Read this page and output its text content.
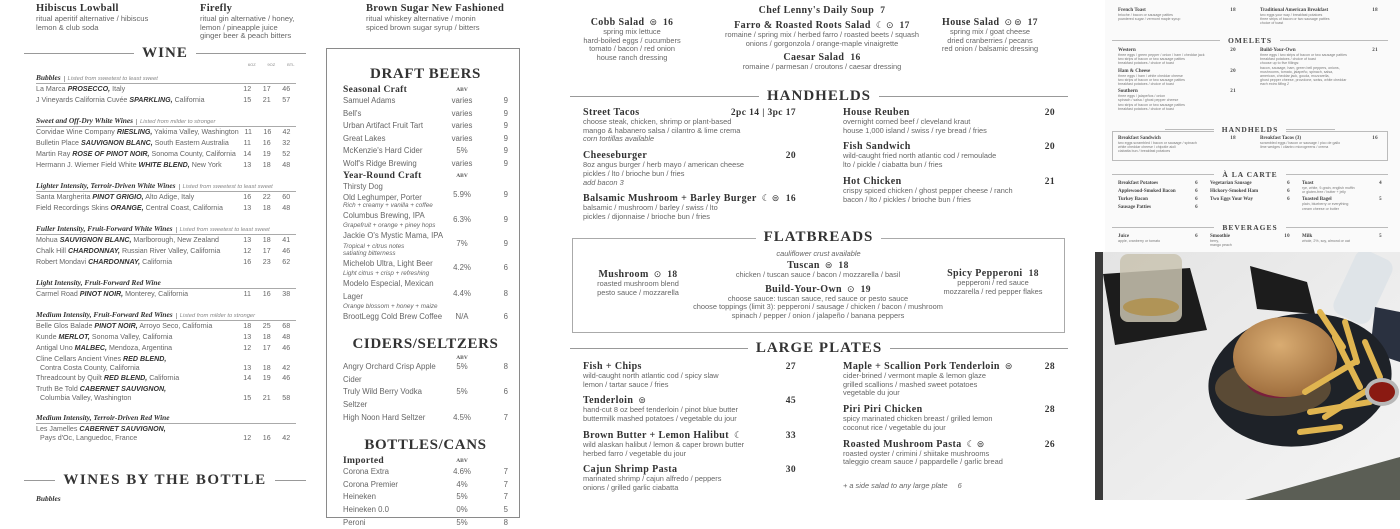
Hibiscus Lowball
ritual aperitif alternative / hibiscus
lemon & club soda
Firefly
ritual gin alternative / honey,
lemon / pineapple juice
ginger beer & peach bitters
WINE
6OZ	9OZ	BTL
Bubbles Listed from sweetest to least sweet
La Marca PROSECCO, Italy	12	17	46
J Vineyards California Cuvée SPARKLING, California	15	21	57
Sweet and Off-Dry White Wines Listed from milder to stronger
Corvidae Wine Company RIESLING, Yakima Valley, Washington 11	16	42
Bulletin Place SAUVIGNON BLANC, South Eastern Australia	11	16	32
Martin Ray ROSE OF PINOT NOIR, Sonoma County, California	14	19	52
Hermann J. Wiemer Field White WHITE BLEND, New York	13	18	48
Lighter Intensity, Terroir-Driven White Wines Listed from sweetest to least sweet
Santa Margherita PINOT GRIGIO, Alto Adige, Italy	16	22	60
Field Recordings Skins ORANGE, Central Coast, California	13	18	48
Fuller Intensity, Fruit-Forward White Wines Listed from sweetest to least sweet
Mohua SAUVIGNON BLANC, Marlborough, New Zealand	13	18	41
Chalk Hill CHARDONNAY, Russian River Valley, California	12	17	46
Robert Mondavi CHARDONNAY, California	16	23	62
Light Intensity, Fruit-Forward Red Wine
Carmel Road PINOT NOIR, Monterey, California	11	16	38
Medium Intensity, Fruit-Forward Red Wines Listed from milder to stronger
Belle Glos Balade PINOT NOIR, Arroyo Seco, California	18	25	68
Kunde MERLOT, Sonoma Valley, California	13	18	48
Antigal Uno MALBEC, Mendoza, Argentina	12	17	46
Cline Cellars Ancient Vines RED BLEND,
Contra Costa County, California	13	18	42
Threadcount by Quilt RED BLEND, California	14	19	46
Truth Be Told CABERNET SAUVIGNON,
Columbia Valley, Washington	15	21	58
Medium Intensity, Terroir-Driven Red Wine
Les Jamelles CABERNET SAUVIGNON,
Pays d'Oc, Languedoc, France	12	16	42
WINES BY THE BOTTLE
Bubbles
Brown Sugar New Fashioned
ritual whiskey alternative / monin
spiced brown sugar syrup / bitters
DRAFT BEERS
Seasonal Craft	ABV
Samuel Adams	varies	9
Bell's	varies	9
Urban Artifact Fruit Tart	varies	9
Great Lakes	varies	9
McKenzie's Hard Cider	5%	9
Wolf's Ridge Brewing	varies	9
Year-Round Craft	ABV
Thirsty Dog
Old Leghumper, Porter
Rich + creamy + vanilla + coffee
5.9%	9
Columbus Brewing, IPA
Grapefruit + orange + piney hops
6.3%	9
Jackie O's Mystic Mama, IPA
Tropical + citrus notes
satiating bitterness
7%	9
Michelob Ultra, Light Beer
Light citrus + crisp + refreshing
4.2%	6
Modelo Especial, Mexican Lager
Orange blossom + honey + maize
4.4%	8
BrootLegg Cold Brew Coffee	N/A	6
CIDERS/SELTZERS
ABV
Angry Orchard Crisp Apple Cider
5%	8
Truly Wild Berry Vodka Seltzer
5%	6
High Noon Hard Seltzer	4.5%	7
BOTTLES/CANS
Imported	ABV
Corona Extra	4.6%	7
Corona Premier	4%	7
Heineken	5%	7
Heineken 0.0	0%	5
Peroni	5%	8
Cobb Salad ⊜ 16
spring mix lettuce
hard-boiled eggs / cucumbers
tomato / bacon / red onion
house ranch dressing
Chef Lenny's Daily Soup 7
Farro & Roasted Roots Salad ☾ ⊙ 17
romaine / spring mix / herbed farro / roasted beets / squash
onions / gorgonzola / orange-maple vinaigrette
Caesar Salad 16
romaine / parmesan / croutons / caesar dressing
House Salad ⊙ ⊜ 17
spring mix / goat cheese
dried cranberries / pecans
red onion / balsamic dressing
HANDHELDS
Street Tacos	2pc 14 | 3pc 17
choose steak, chicken, shrimp or plant-based
mango & habanero salsa / cilantro & lime crema
corn tortillas available
Cheeseburger	20
8oz angus burger / herb mayo / american cheese
pickles / lto / brioche bun / fries
add bacon 3
Balsamic Mushroom + Barley Burger ☾ ⊜ 16
balsamic / mushroom / barley / swiss / lto
pickles / dijonnaise / brioche bun / fries
House Reuben	20
overnight corned beef / cleveland kraut
house 1,000 island / swiss / rye bread / fries
Fish Sandwich	20
wild-caught fried north atlantic cod / remoulade
lto / pickle / ciabatta bun / fries
Hot Chicken	21
crispy spiced chicken / ghost pepper cheese / ranch
bacon / lto / pickles / brioche bun / fries
cauliflower crust available
Mushroom ⊙ 18
roasted mushroom blend
pesto sauce / mozzarella
Tuscan ⊜ 18
chicken / tuscan sauce / bacon / mozzarella / basil
Build-Your-Own ⊙ 19
choose sauce: tuscan sauce, red sauce or pesto sauce
choose toppings (limit 3): pepperoni / sausage / chicken / bacon / mushroom
spinach / pepper / onion / jalapeño / banana peppers
Spicy Pepperoni 18
pepperoni / red sauce
mozzarella / red pepper flakes
FLATBREADS
LARGE PLATES
Fish + Chips	27
wild-caught north atlantic cod / spicy slaw
lemon / tartar sauce / fries
Tenderloin ⊜	45
hand-cut 8 oz beef tenderloin / pinot blue butter
buttermilk mashed potatoes / vegetable du jour
Brown Butter + Lemon Halibut ☾	33
wild alaskan halibut / lemon & caper brown butter
herbed farro / vegetable du jour
Cajun Shrimp Pasta	30
marinated shrimp / cajun alfredo / peppers
onions / grilled garlic ciabatta
Maple + Scallion Pork Tenderloin ⊜	28
cider-brined / vermont maple & lemon glaze
grilled scallions / mashed sweet potatoes
vegetable du jour
Piri Piri Chicken	28
spicy marinated chicken breast / grilled lemon
coconut rice / vegetable du jour
Roasted Mushroom Pasta ☾ ⊜	26
roasted oyster / crimini / shiitake mushrooms
taleggio cream sauce / pappardelle / garlic bread
+ a side salad to any large plate 6
French Toast	18
brioche / bacon or sausage patties
powdered sugar / vermont maple syrup
Traditional American Breakfast	18
two eggs your way / breakfast potatoes
three strips of bacon or two sausage patties
choice of toast
OMELETS
Western	20
three eggs / green pepper / onion / ham / cheddar jack
two strips of bacon or two sausage patties
breakfast potatoes / choice of toast
Ham & Cheese	20
three eggs / ham / white cheddar cheese
two strips of bacon or two sausage patties
breakfast potatoes / choice of toast
Southern	21
three eggs / jalapeños / onion
spinach / salsa / ghost pepper cheese
two strips of bacon or two sausage patties
breakfast potatoes / choice of toast
Build-Your-Own	21
three eggs / two strips of bacon or two sausage patties
breakfast potatoes / choice of toast
choose up to five fillings:
bacon, sausage, ham, green bell peppers, onions,
mushrooms, tomato, jalapeño, spinach, salsa,
american, cheddar jack, gouda, mozzarella,
ghost pepper cheese, provolone, swiss, white cheddar
each extra filling 2
HANDHELDS
Breakfast Sandwich	18
two eggs scrambled / bacon or sausage / spinach
white cheddar cheese / chipotle aioli
ciabatta bun / breakfast potatoes
Breakfast Tacos (3)	16
scrambled eggs / bacon or sausage / pico de gallo
lime wedges / cilantro microgreens / crema
À LA CARTE
Breakfast Potatoes	6
Applewood-Smoked Bacon	6
Turkey Bacon	6
Sausage Patties	6
Vegetarian Sausage	6
Hickory-Smoked Ham	6
Two Eggs Your Way	6
Toast	4
rye, white, 9-grain, english muffin
or gluten-free / butter + jelly
Toasted Bagel	5
plain, blueberry or everything
cream cheese or butter
BEVERAGES
Juice	6
apple, cranberry or tomato
Smoothie	10
berry,
mango peach
Milk	5
whole, 2%, soy, almond or oat
